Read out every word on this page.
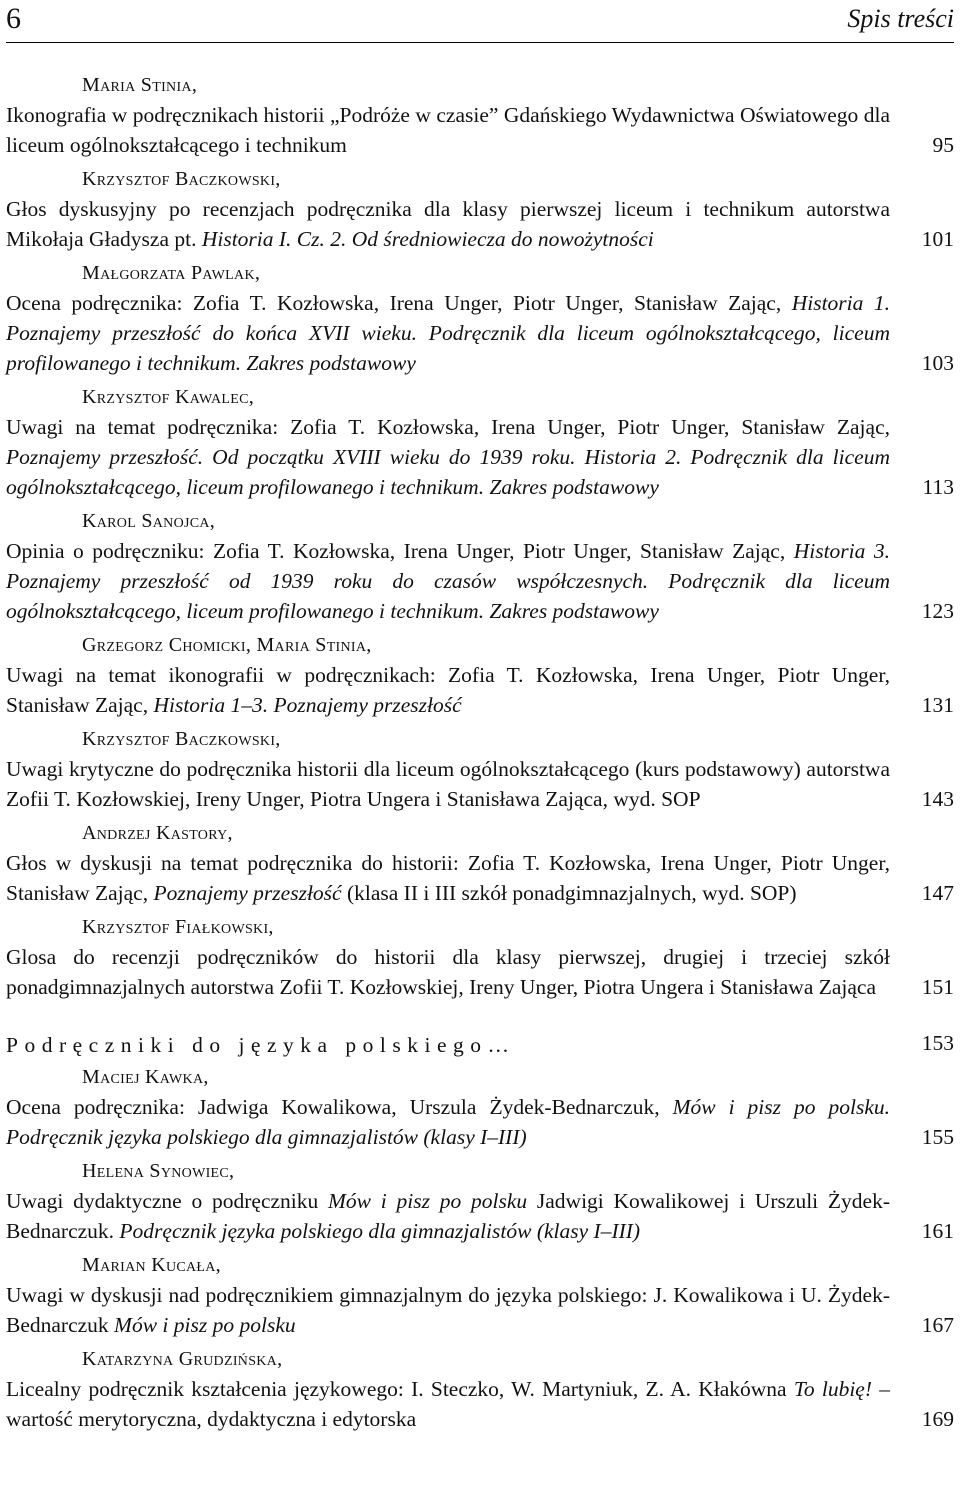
6	Spis treści
Maria Stinia,
Ikonografia w podręcznikach historii „Podróże w czasie” Gdańskiego Wydawnictwa Oświatowego dla liceum ogólnokształcącego i technikum	95
Krzysztof Baczkowski,
Głos dyskusyjny po recenzjach podręcznika dla klasy pierwszej liceum i technikum autorstwa Mikołaja Gładysza pt. Historia I. Cz. 2. Od średniowiecza do nowożytności	101
Małgorzata Pawlak,
Ocena podręcznika: Zofia T. Kozłowska, Irena Unger, Piotr Unger, Stanisław Zając, Historia 1. Poznajemy przeszłość do końca XVII wieku. Podręcznik dla liceum ogólnokształcącego, liceum profilowanego i technikum. Zakres podstawowy	103
Krzysztof Kawalec,
Uwagi na temat podręcznika: Zofia T. Kozłowska, Irena Unger, Piotr Unger, Stanisław Zając, Poznajemy przeszłość. Od początku XVIII wieku do 1939 roku. Historia 2. Podręcznik dla liceum ogólnokształcącego, liceum profilowanego i technikum. Zakres podstawowy	113
Karol Sanojca,
Opinia o podręczniku: Zofia T. Kozłowska, Irena Unger, Piotr Unger, Stanisław Zając, Historia 3. Poznajemy przeszłość od 1939 roku do czasów współczesnych. Podręcznik dla liceum ogólnokształcącego, liceum profilowanego i technikum. Zakres podstawowy	123
Grzegorz Chomicki, Maria Stinia,
Uwagi na temat ikonografii w podręcznikach: Zofia T. Kozłowska, Irena Unger, Piotr Unger, Stanisław Zając, Historia 1–3. Poznajemy przeszłość	131
Krzysztof Baczkowski,
Uwagi krytyczne do podręcznika historii dla liceum ogólnokształcącego (kurs podstawowy) autorstwa Zofii T. Kozłowskiej, Ireny Unger, Piotra Ungera i Stanisława Zająca, wyd. SOP	143
Andrzej Kastory,
Głos w dyskusji na temat podręcznika do historii: Zofia T. Kozłowska, Irena Unger, Piotr Unger, Stanisław Zając, Poznajemy przeszłość (klasa II i III szkół ponadgimnazjalnych, wyd. SOP)	147
Krzysztof Fiałkowski,
Glosa do recenzji podręczników do historii dla klasy pierwszej, drugiej i trzeciej szkół ponadgimnazjalnych autorstwa Zofii T. Kozłowskiej, Ireny Unger, Piotra Ungera i Stanisława Zająca	151
Podręczniki do języka polskiego…	153
Maciej Kawka,
Ocena podręcznika: Jadwiga Kowalikowa, Urszula Żydek-Bednarczuk, Mów i pisz po polsku. Podręcznik języka polskiego dla gimnazjalistów (klasy I–III)	155
Helena Synowiec,
Uwagi dydaktyczne o podręczniku Mów i pisz po polsku Jadwigi Kowalikowej i Urszuli Żydek-Bednarczuk. Podręcznik języka polskiego dla gimnazjalistów (klasy I–III)	161
Marian Kucała,
Uwagi w dyskusji nad podręcznikiem gimnazjalnym do języka polskiego: J. Kowalikowa i U. Żydek-Bednarczuk Mów i pisz po polsku	167
Katarzyna Grudzińska,
Licealny podręcznik kształcenia językowego: I. Steczko, W. Martyniuk, Z. A. Kłakówna To lubię! – wartość merytoryczna, dydaktyczna i edytorska	169
